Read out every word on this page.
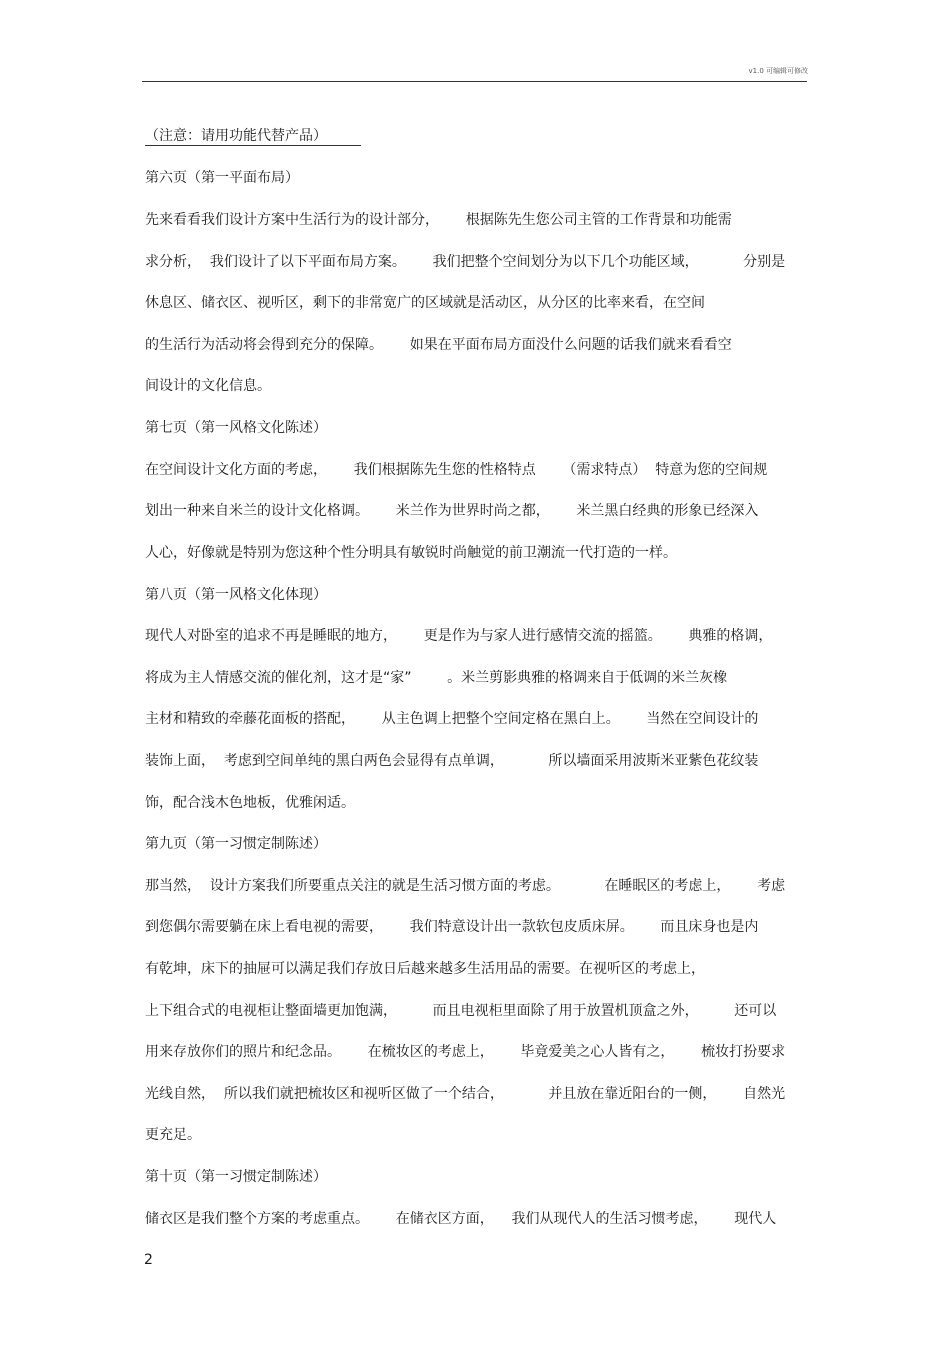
v1.0 可编辑可修改
（注意：请用功能代替产品）
第六页（第一平面布局）
先来看看我们设计方案中生活行为的设计部分，      根据陈先生您公司主管的工作背景和功能需
求分析，  我们设计了以下平面布局方案。      我们把整个空间划分为以下几个功能区域，          分别是
休息区、储衣区、视听区，剩下的非常宽广的区域就是活动区，从分区的比率来看，在空间
的生活行为活动将会得到充分的保障。      如果在平面布局方面没什么问题的话我们就来看看空
间设计的文化信息。
第七页（第一风格文化陈述）
在空间设计文化方面的考虑，      我们根据陈先生您的性格特点      （需求特点）  特意为您的空间规
划出一种来自米兰的设计文化格调。      米兰作为世界时尚之都，      米兰黑白经典的形象已经深入
人心，好像就是特别为您这种个性分明具有敏锐时尚触觉的前卫潮流一代打造的一样。
第八页（第一风格文化体现）
现代人对卧室的追求不再是睡眠的地方，      更是作为与家人进行感情交流的摇篮。      典雅的格调，
将成为主人情感交流的催化剂，这才是“家”        。米兰剪影典雅的格调来自于低调的米兰灰橡
主材和精致的牵藤花面板的搭配，      从主色调上把整个空间定格在黑白上。      当然在空间设计的
装饰上面，  考虑到空间单纯的黑白两色会显得有点单调，          所以墙面采用波斯米亚紫色花纹装
饰，配合浅木色地板，优雅闲适。
第九页（第一习惯定制陈述）
那当然，  设计方案我们所要重点关注的就是生活习惯方面的考虑。          在睡眠区的考虑上，      考虑
到您偶尔需要躺在床上看电视的需要，      我们特意设计出一款软包皮质床屏。      而且床身也是内
有乾坤，床下的抽屉可以满足我们存放日后越来越多生活用品的需要。在视听区的考虑上，
上下组合式的电视柜让整面墙更加饱满，        而且电视柜里面除了用于放置机顶盒之外，        还可以
用来存放你们的照片和纪念品。      在梳妆区的考虑上，      毕竟爱美之心人皆有之，      梳妆打扮要求
光线自然，  所以我们就把梳妆区和视听区做了一个结合，          并且放在靠近阳台的一侧，      自然光
更充足。
第十页（第一习惯定制陈述）
储衣区是我们整个方案的考虑重点。      在储衣区方面，    我们从现代人的生活习惯考虑，      现代人
2
